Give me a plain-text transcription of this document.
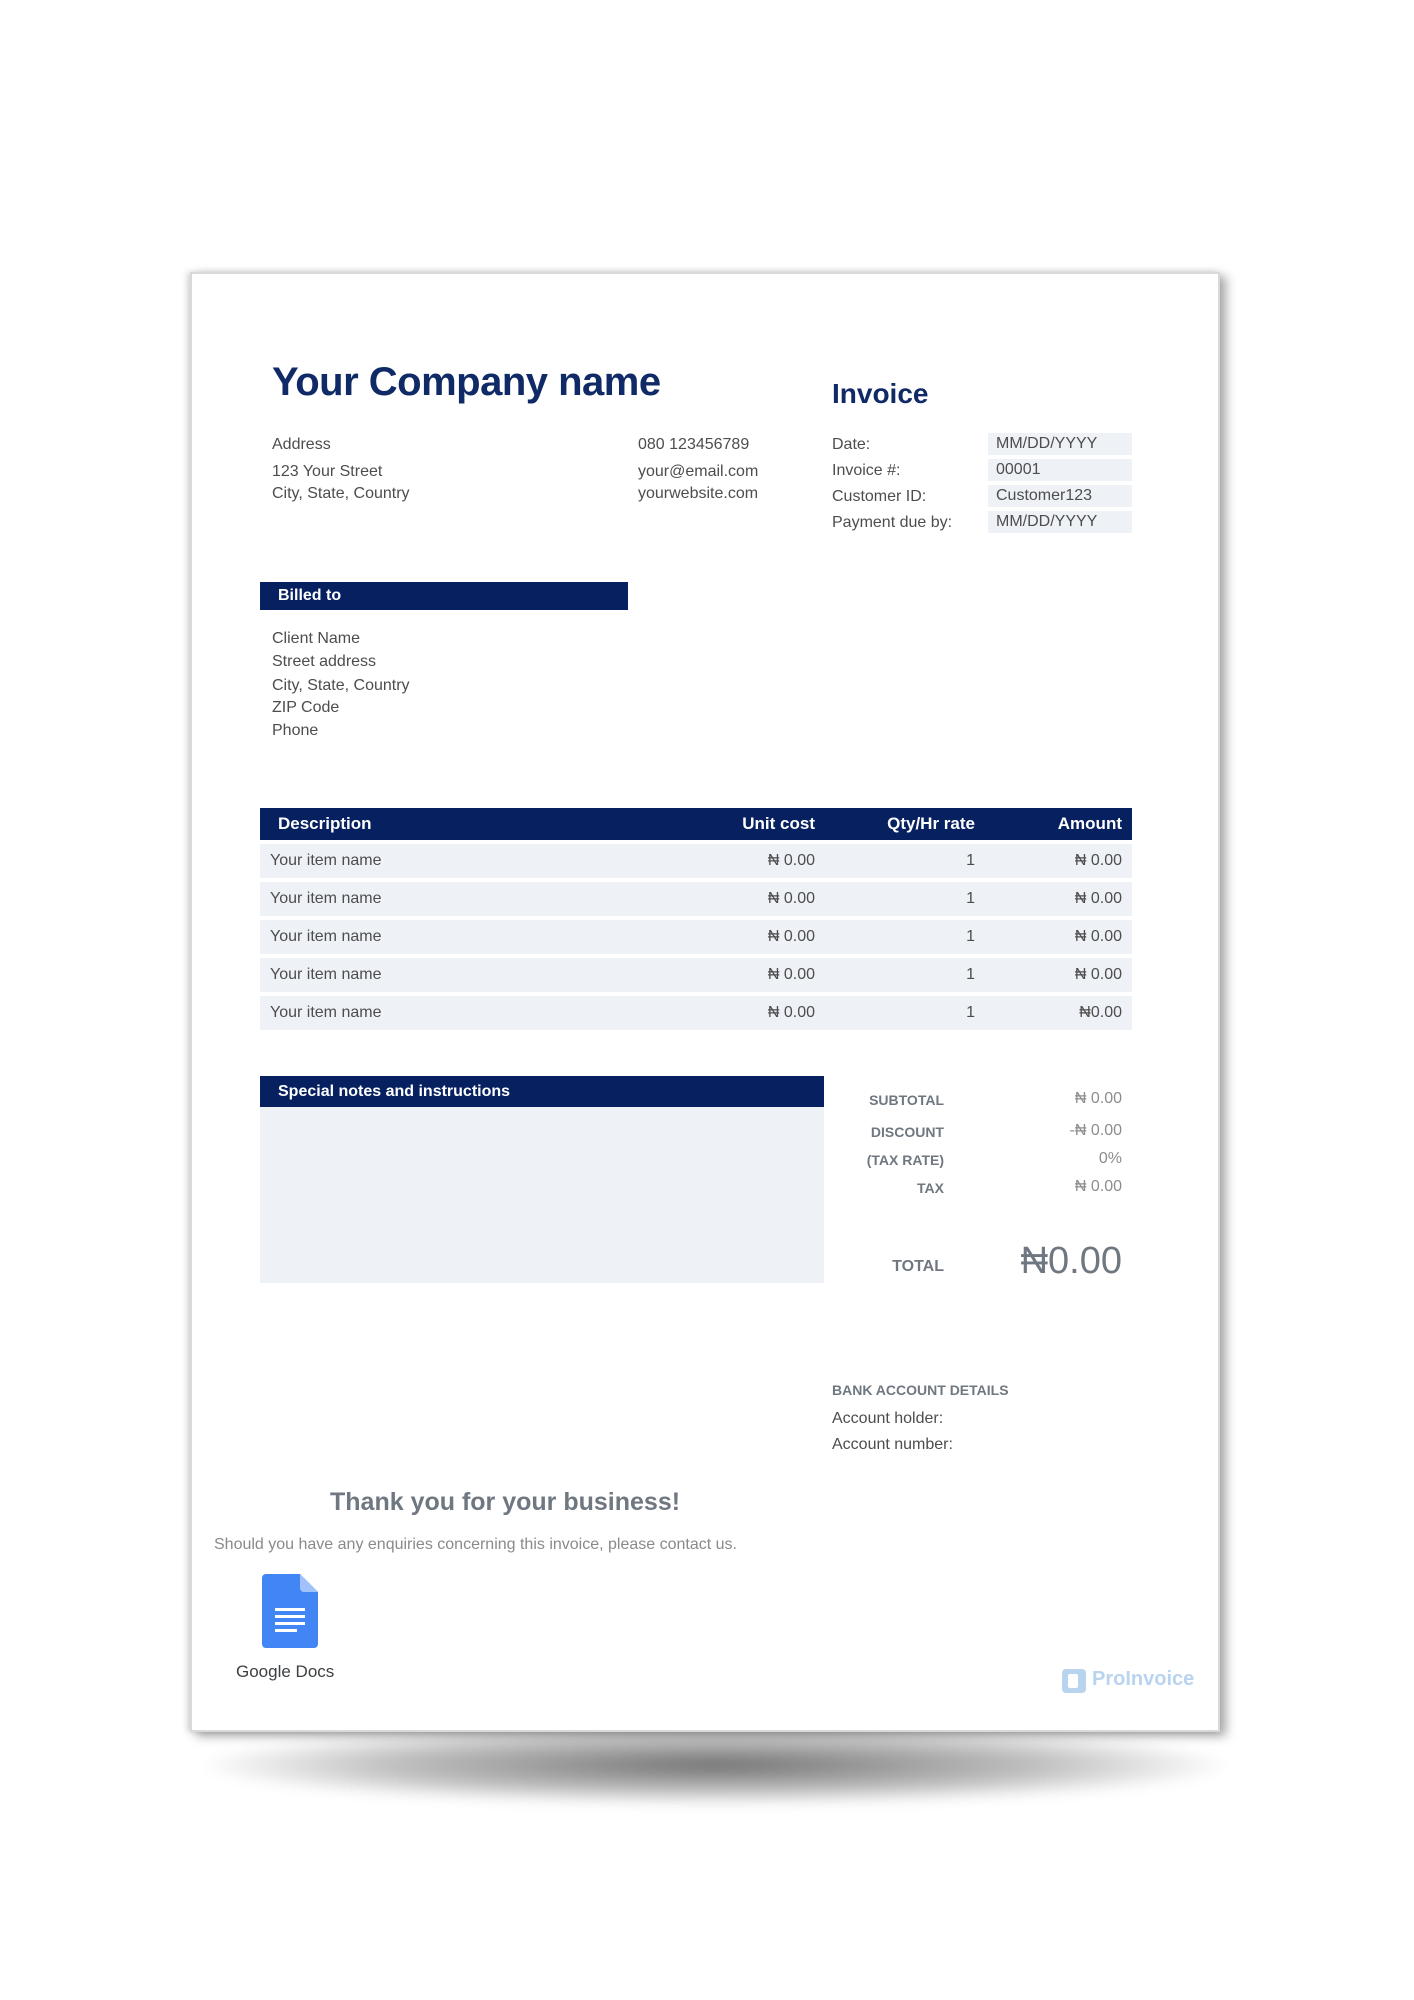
Your Company name	Invoice
Address
123 Your Street
City, State, Country
080 123456789
your@email.com
yourwebsite.com
Date:	MM/DD/YYYY
Invoice #:	00001
Customer ID:	Customer123
Payment due by:	MM/DD/YYYY
Billed to
Client Name
Street address
City, State, Country
ZIP Code
Phone
Description	Unit cost	Qty/Hr rate	Amount
Your item name	₦ 0.00	1	₦ 0.00
Your item name	₦ 0.00	1	₦ 0.00
Your item name	₦ 0.00	1	₦ 0.00
Your item name	₦ 0.00	1	₦ 0.00
Your item name	₦ 0.00	1	₦0.00
Special notes and instructions	SUBTOTAL	₦ 0.00
DISCOUNT	-₦ 0.00
(TAX RATE)	0%
TAX	₦ 0.00
TOTAL	₦0.00
BANK ACCOUNT DETAILS
Account holder:
Account number:
Thank you for your business!
Should you have any enquiries concerning this invoice, please contact us.
Google Docs	ProInvoice
